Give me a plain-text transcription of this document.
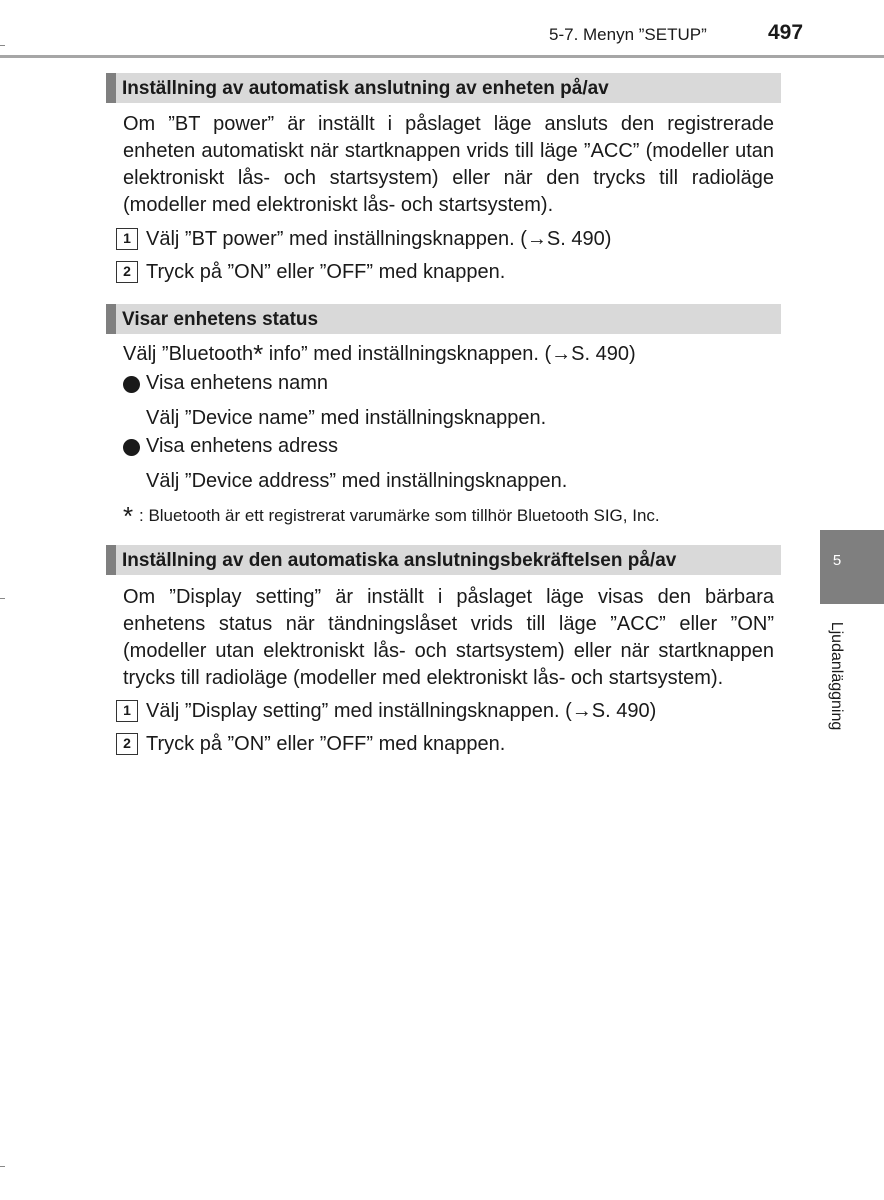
5-7. Menyn ”SETUP”	497
Inställning av automatisk anslutning av enheten på/av

Om ”BT power” är inställt i påslaget läge ansluts den registrerade enheten automatiskt när startknappen vrids till läge ”ACC” (modeller utan elektroniskt lås- och startsystem) eller när den trycks till radioläge (modeller med elektroniskt lås- och startsystem).

1 Välj ”BT power” med inställningsknappen. (→S. 490)
2 Tryck på ”ON” eller ”OFF” med knappen.
Visar enhetens status
Välj ”Bluetooth* info” med inställningsknappen. (→S. 490)
Visa enhetens namn
Välj ”Device name” med inställningsknappen.
Visa enhetens adress
Välj ”Device address” med inställningsknappen.
* : Bluetooth är ett registrerat varumärke som tillhör Bluetooth SIG, Inc.
Inställning av den automatiska anslutningsbekräftelsen på/av

Om ”Display setting” är inställt i påslaget läge visas den bärbara enhetens status när tändningslåset vrids till läge ”ACC” eller ”ON” (modeller utan elektroniskt lås- och startsystem) eller när startknappen trycks till radioläge (modeller med elektroniskt lås- och startsystem).

1 Välj ”Display setting” med inställningsknappen. (→S. 490)
2 Tryck på ”ON” eller ”OFF” med knappen.
5
Ljudanläggning
